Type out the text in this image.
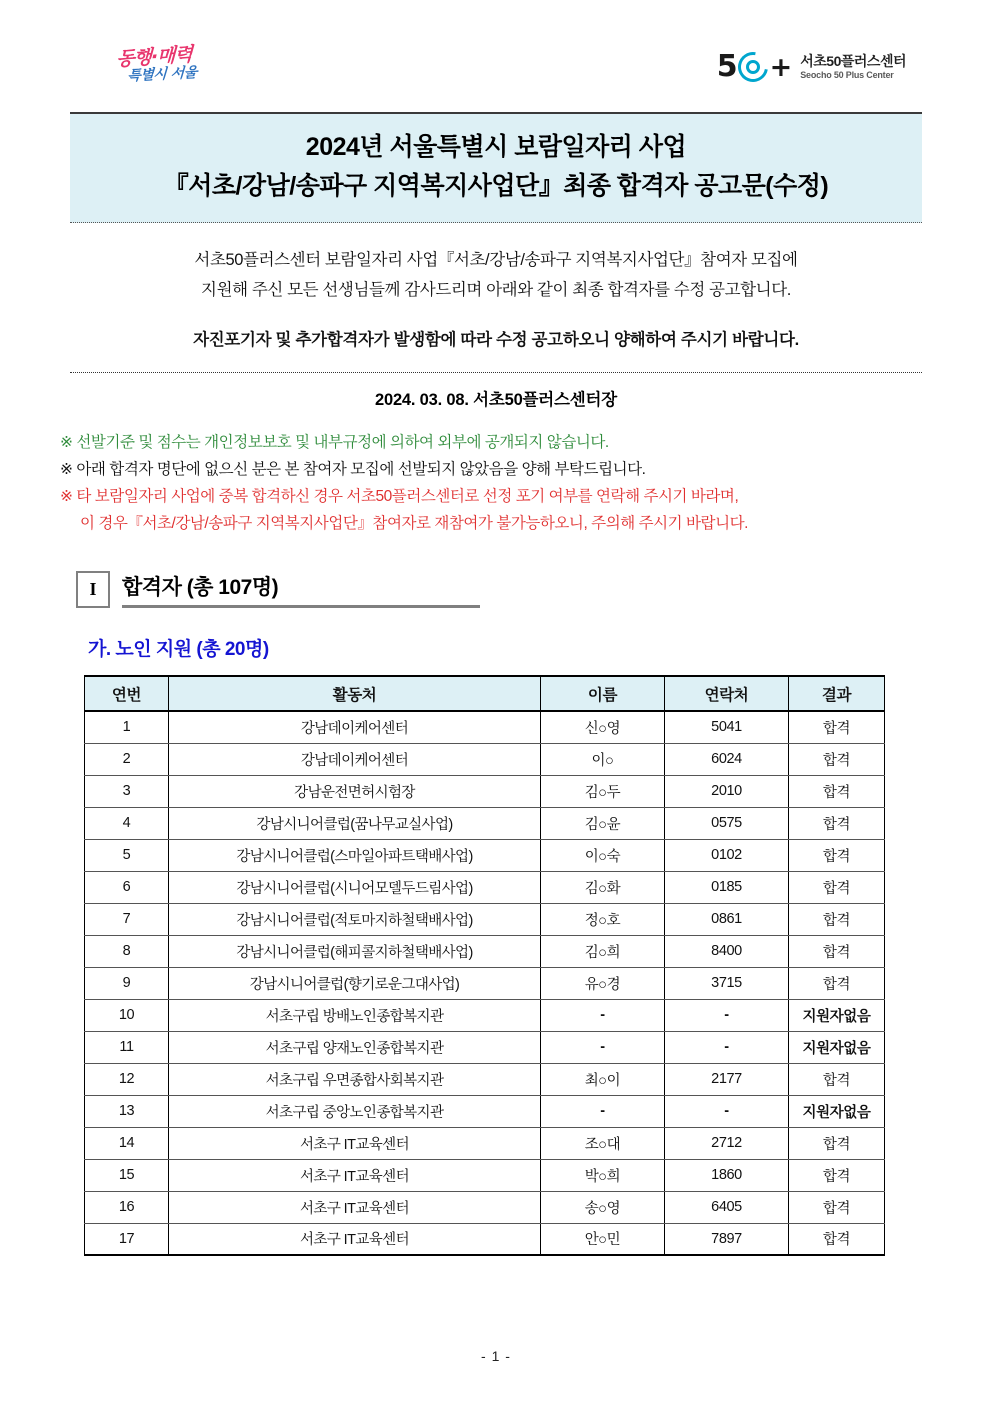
동행·매력
특별시 서울	5 + 서초50플러스센터
Seocho 50 Plus Center
2024년 서울특별시 보람일자리 사업
『서초/강남/송파구 지역복지사업단』최종 합격자 공고문(수정)

서초50플러스센터 보람일자리 사업『서초/강남/송파구 지역복지사업단』참여자 모집에

지원해 주신 모든 선생님들께 감사드리며 아래와 같이 최종 합격자를 수정 공고합니다.

자진포기자 및 추가합격자가 발생함에 따라 수정 공고하오니 양해하여 주시기 바랍니다.

2024. 03. 08. 서초50플러스센터장
※ 선발기준 및 점수는 개인정보보호 및 내부규정에 의하여 외부에 공개되지 않습니다.
※ 아래 합격자 명단에 없으신 분은 본 참여자 모집에 선발되지 않았음을 양해 부탁드립니다.
※ 타 보람일자리 사업에 중복 합격하신 경우 서초50플러스센터로 선정 포기 여부를 연락해 주시기 바라며,
이 경우『서초/강남/송파구 지역복지사업단』참여자로 재참여가 불가능하오니, 주의해 주시기 바랍니다.
I	합격자 (총 107명)
가. 노인 지원 (총 20명)
연번	활동처	이름	연락처	결과
1	강남데이케어센터	신○영	5041	합격
2	강남데이케어센터	이○	6024	합격
3	강남운전면허시험장	김○두	2010	합격
4	강남시니어클럽(꿈나무교실사업)	김○윤	0575	합격
5	강남시니어클럽(스마일아파트택배사업)	이○숙	0102	합격
6	강남시니어클럽(시니어모델두드림사업)	김○화	0185	합격
7	강남시니어클럽(적토마지하철택배사업)	정○호	0861	합격
8	강남시니어클럽(해피콜지하철택배사업)	김○희	8400	합격
9	강남시니어클럽(향기로운그대사업)	유○경	3715	합격
10	서초구립 방배노인종합복지관	-	-	지원자없음
11	서초구립 양재노인종합복지관	-	-	지원자없음
12	서초구립 우면종합사회복지관	최○이	2177	합격
13	서초구립 중앙노인종합복지관	-	-	지원자없음
14	서초구 IT교육센터	조○대	2712	합격
15	서초구 IT교육센터	박○희	1860	합격
16	서초구 IT교육센터	송○영	6405	합격
17	서초구 IT교육센터	안○민	7897	합격
- 1 -
